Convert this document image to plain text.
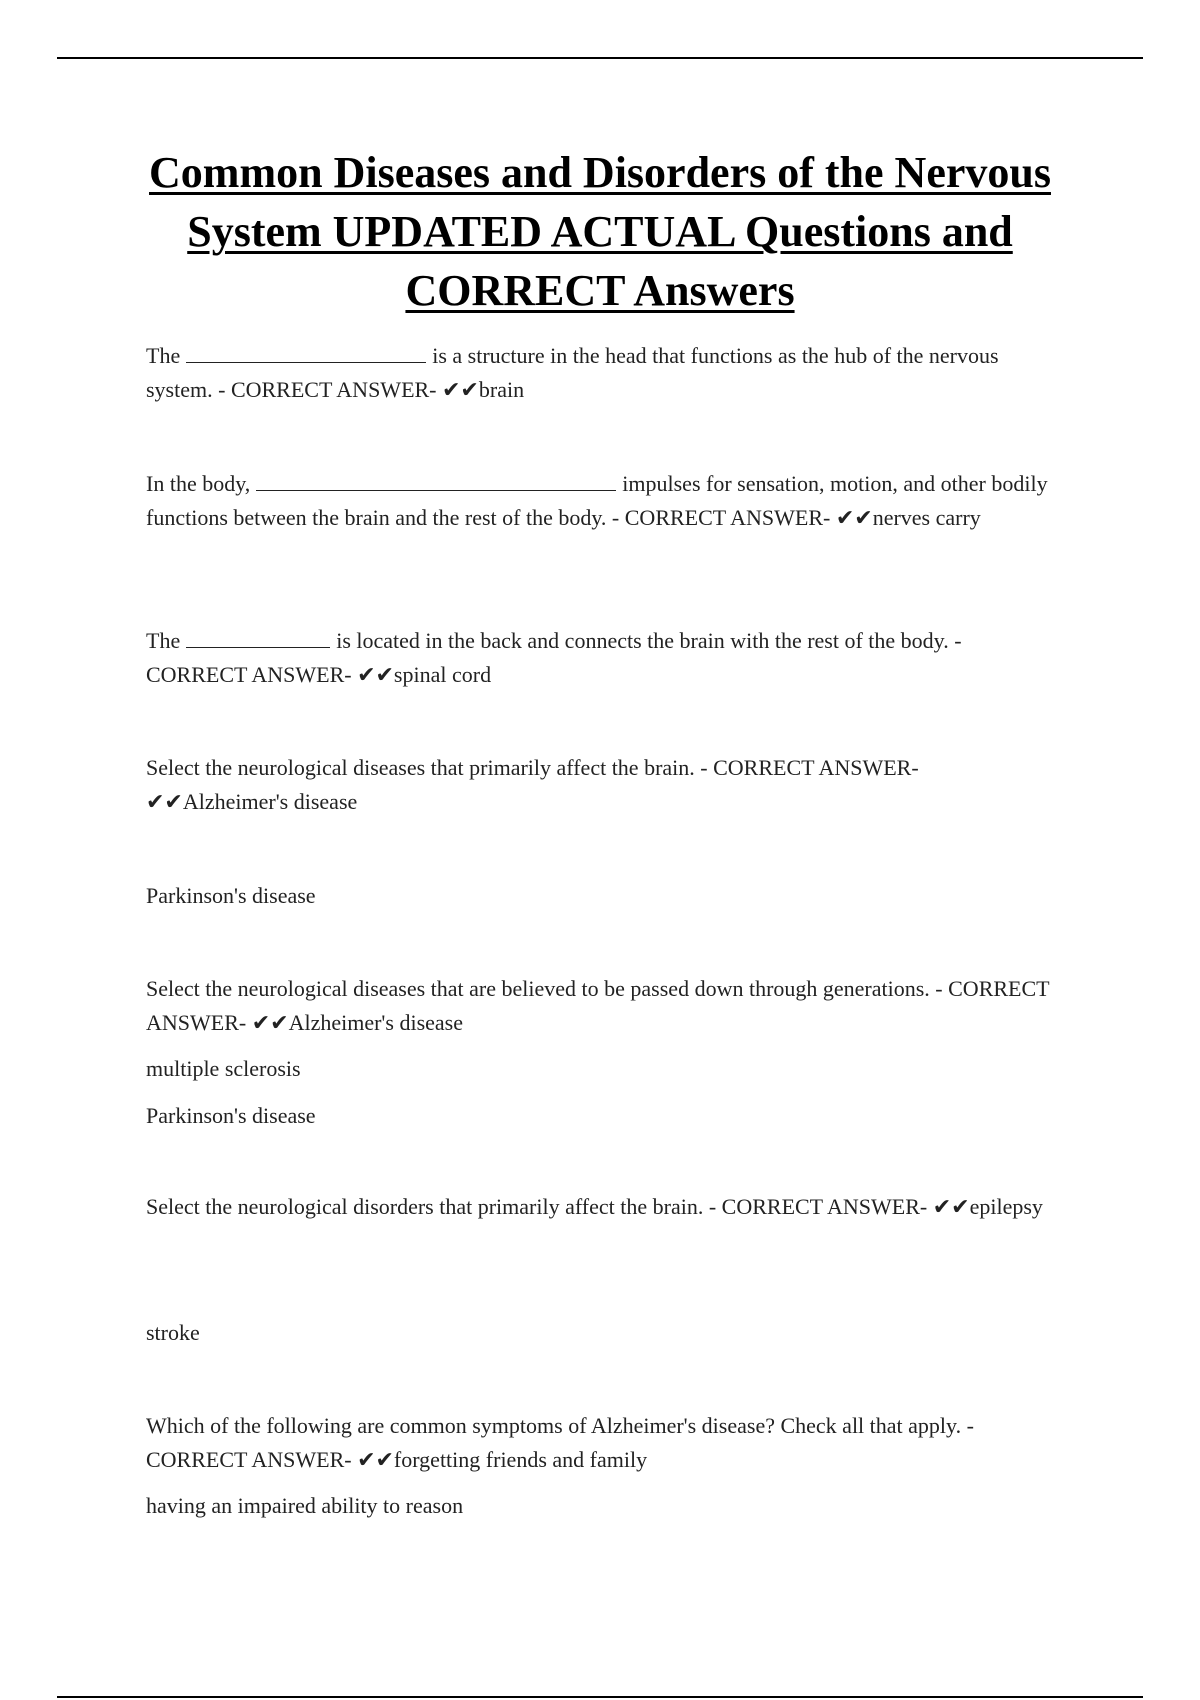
Common Diseases and Disorders of the Nervous System UPDATED ACTUAL Questions and CORRECT Answers

The	is a structure in the head that functions as the hub of the nervous system. - CORRECT ANSWER- ✔✔brain

In the body,	impulses for sensation, motion, and other bodily functions between the brain and the rest of the body. - CORRECT ANSWER- ✔✔nerves carry

The	is located in the back and connects the brain with the rest of the body. - CORRECT ANSWER- ✔✔spinal cord

Select the neurological diseases that primarily affect the brain. - CORRECT ANSWER- ✔✔Alzheimer's disease

Parkinson's disease

Select the neurological diseases that are believed to be passed down through generations. - CORRECT ANSWER- ✔✔Alzheimer's disease

multiple sclerosis

Parkinson's disease

Select the neurological disorders that primarily affect the brain. - CORRECT ANSWER- ✔✔epilepsy

stroke

Which of the following are common symptoms of Alzheimer's disease? Check all that apply. - CORRECT ANSWER- ✔✔forgetting friends and family

having an impaired ability to reason
